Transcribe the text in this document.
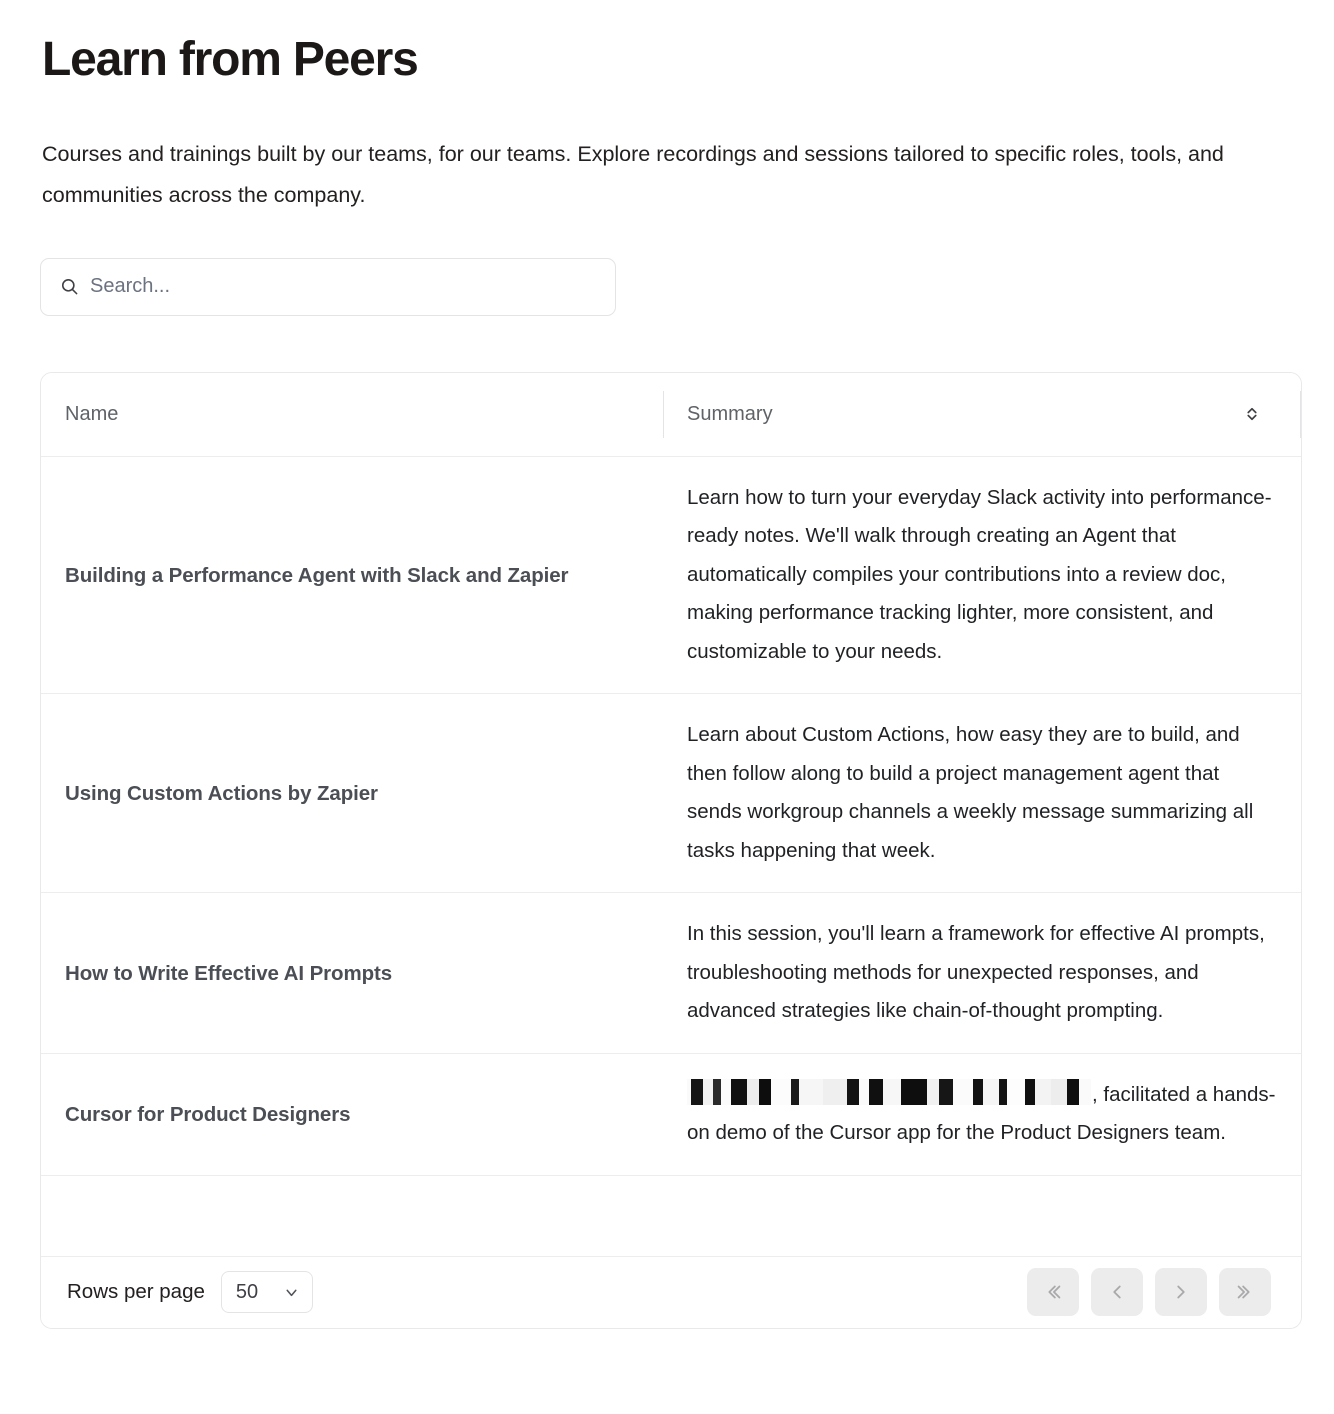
Learn from Peers

Courses and trainings built by our teams, for our teams. Explore recordings and sessions tailored to specific roles, tools, and communities across the company.

Search...
Name	Summary

Building a Performance Agent with Slack and Zapier	Learn how to turn your everyday Slack activity into performance-ready notes. We'll walk through creating an Agent that automatically compiles your contributions into a review doc, making performance tracking lighter, more consistent, and customizable to your needs.
Using Custom Actions by Zapier	Learn about Custom Actions, how easy they are to build, and then follow along to build a project management agent that sends workgroup channels a weekly message summarizing all tasks happening that week.
How to Write Effective AI Prompts	In this session, you'll learn a framework for effective AI prompts, troubleshooting methods for unexpected responses, and advanced strategies like chain-of-thought prompting.
Cursor for Product Designers	, facilitated a hands-on demo of the Cursor app for the Product Designers team.
Rows per page 50
